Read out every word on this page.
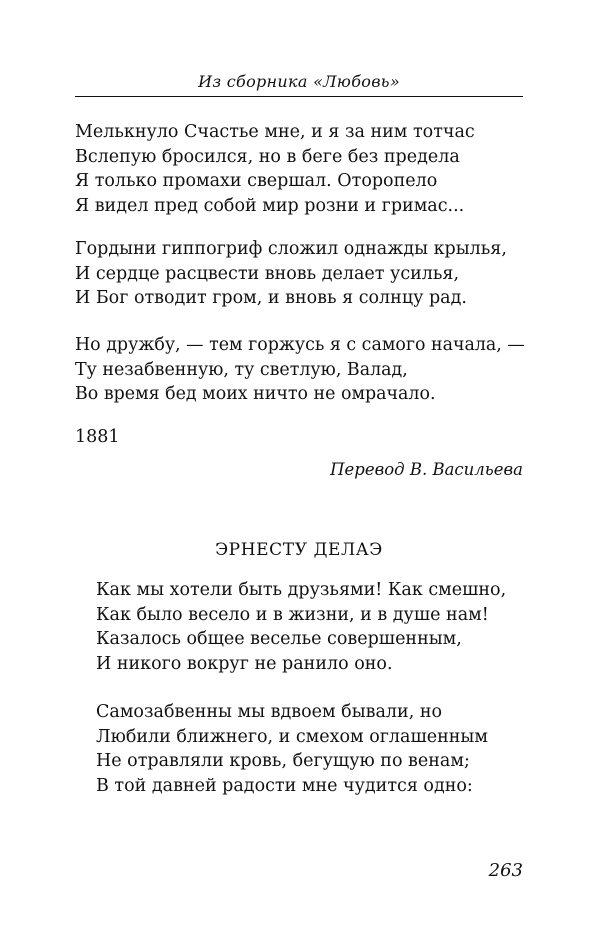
Из сборника «Любовь»
Мелькнуло Счастье мне, и я за ним тотчас
Вслепую бросился, но в беге без предела
Я только промахи свершал. Оторопело
Я видел пред собой мир розни и гримас...
Гордыни гиппогриф сложил однажды крылья,
И сердце расцвести вновь делает усилья,
И Бог отводит гром, и вновь я солнцу рад.
Но дружбу, — тем горжусь я с самого начала, —
Ту незабвенную, ту светлую, Валад,
Во время бед моих ничто не омрачало.
1881
Перевод В. Васильева
ЭРНЕСТУ ДЕЛАЭ
Как мы хотели быть друзьями! Как смешно,
Как было весело и в жизни, и в душе нам!
Казалось общее веселье совершенным,
И никого вокруг не ранило оно.
Самозабвенны мы вдвоем бывали, но
Любили ближнего, и смехом оглашенным
Не отравляли кровь, бегущую по венам;
В той давней радости мне чудится одно:
263
